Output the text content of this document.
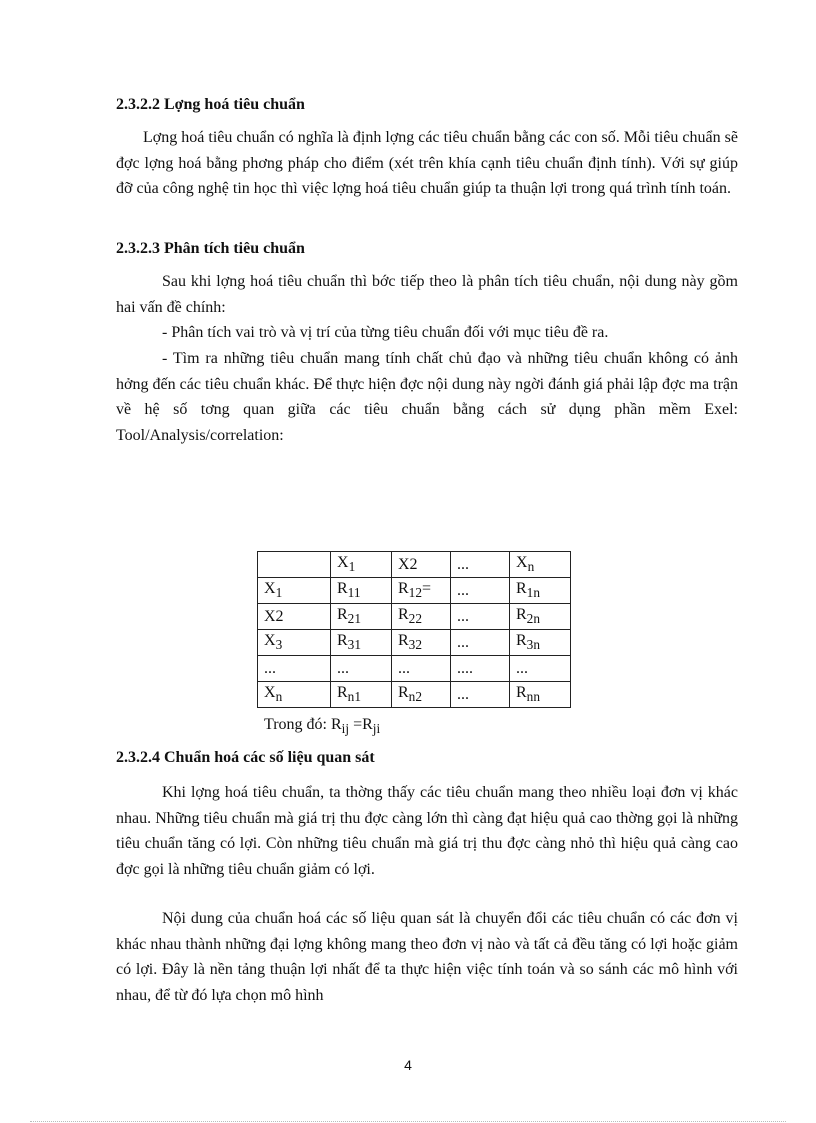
2.3.2.2 Lợng hoá tiêu chuẩn
Lợng hoá tiêu chuẩn có nghĩa là định lợng các tiêu chuẩn bằng các con số. Mỗi tiêu chuẩn sẽ đợc lợng hoá bằng phơng pháp cho điểm (xét trên khía cạnh tiêu chuẩn định tính). Với sự giúp đỡ của công nghệ tin học thì việc lợng hoá tiêu chuẩn giúp ta thuận lợi trong quá trình tính toán.
2.3.2.3 Phân tích tiêu chuẩn
Sau khi lợng hoá tiêu chuẩn thì bớc tiếp theo là phân tích tiêu chuẩn, nội dung này gồm hai vấn đề chính:
- Phân tích vai trò và vị trí của từng tiêu chuẩn đối với mục tiêu đề ra.
- Tìm ra những tiêu chuẩn mang tính chất chủ đạo và những tiêu chuẩn không có ảnh hởng đến các tiêu chuẩn khác. Để thực hiện đợc nội dung này ngời đánh giá phải lập đợc ma trận về hệ số tơng quan giữa các tiêu chuẩn bằng cách sử dụng phần mềm Exel: Tool/Analysis/correlation:
	$X_1$	X2	...	$X_n$
$X_1$	$R_{11}$	$R_{12}=$	...	$R_{1n}$
X2	$R_{21}$	$R_{22}$	...	$R_{2n}$
$X_3$	$R_{31}$	$R_{32}$	...	$R_{3n}$
...	...	...	....	...
$X_n$	$R_{n1}$	$R_{n2}$	...	$R_{nn}$
Trong đó: $R_{ij} =R_{ji}$
2.3.2.4 Chuẩn hoá các số liệu quan sát
Khi lợng hoá tiêu chuẩn, ta thờng thấy các tiêu chuẩn mang theo nhiều loại đơn vị khác nhau. Những tiêu chuẩn mà giá trị thu đợc càng lớn thì càng đạt hiệu quả cao thờng gọi là những tiêu chuẩn tăng có lợi. Còn những tiêu chuẩn mà giá trị thu đợc càng nhỏ thì hiệu quả càng cao đợc gọi là những tiêu chuẩn giảm có lợi.
Nội dung của chuẩn hoá các số liệu quan sát là chuyển đổi các tiêu chuẩn có các đơn vị khác nhau thành những đại lợng không mang theo đơn vị nào và tất cả đều tăng có lợi hoặc giảm có lợi. Đây là nền tảng thuận lợi nhất để ta thực hiện việc tính toán và so sánh các mô hình với nhau, để từ đó lựa chọn mô hình
4
